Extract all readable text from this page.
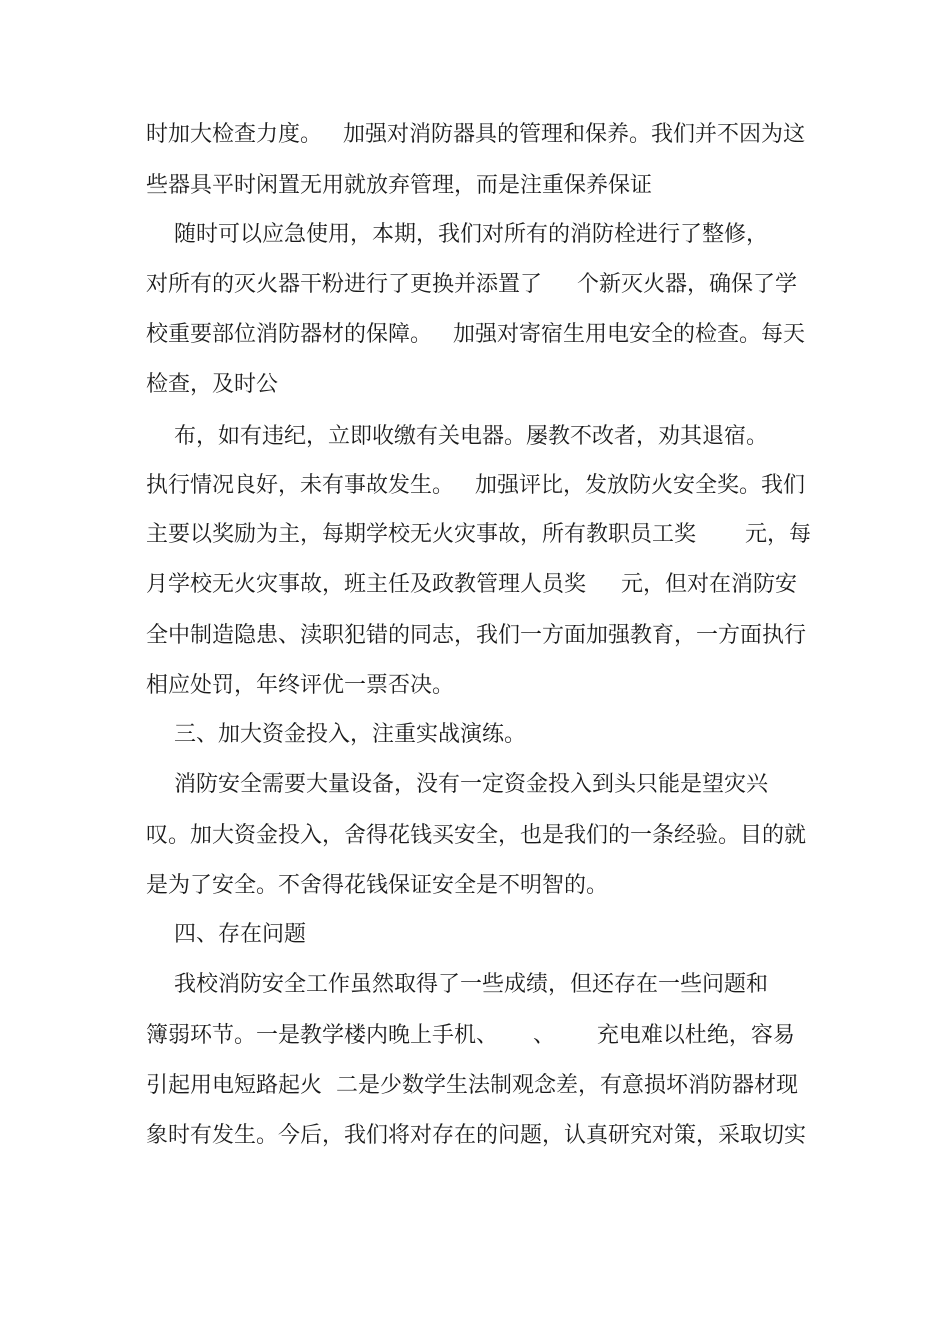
时加大检查力度。   加强对消防器具的管理和保养。我们并不因为这
些器具平时闲置无用就放弃管理，而是注重保养保证
随时可以应急使用，本期，我们对所有的消防栓进行了整修，
对所有的灭火器干粉进行了更换并添置了     个新灭火器，确保了学
校重要部位消防器材的保障。   加强对寄宿生用电安全的检查。每天
检查，及时公
布，如有违纪，立即收缴有关电器。屡教不改者，劝其退宿。
执行情况良好，未有事故发生。   加强评比，发放防火安全奖。我们
主要以奖励为主，每期学校无火灾事故，所有教职员工奖       元，每
月学校无火灾事故，班主任及政教管理人员奖     元，但对在消防安
全中制造隐患、渎职犯错的同志，我们一方面加强教育，一方面执行
相应处罚，年终评优一票否决。
三、加大资金投入，注重实战演练。
消防安全需要大量设备，没有一定资金投入到头只能是望灾兴
叹。加大资金投入，舍得花钱买安全，也是我们的一条经验。目的就
是为了安全。不舍得花钱保证安全是不明智的。
四、存在问题
我校消防安全工作虽然取得了一些成绩，但还存在一些问题和
簿弱环节。一是教学楼内晚上手机、     、      充电难以杜绝，容易
引起用电短路起火  二是少数学生法制观念差，有意损坏消防器材现
象时有发生。今后，我们将对存在的问题，认真研究对策，采取切实
